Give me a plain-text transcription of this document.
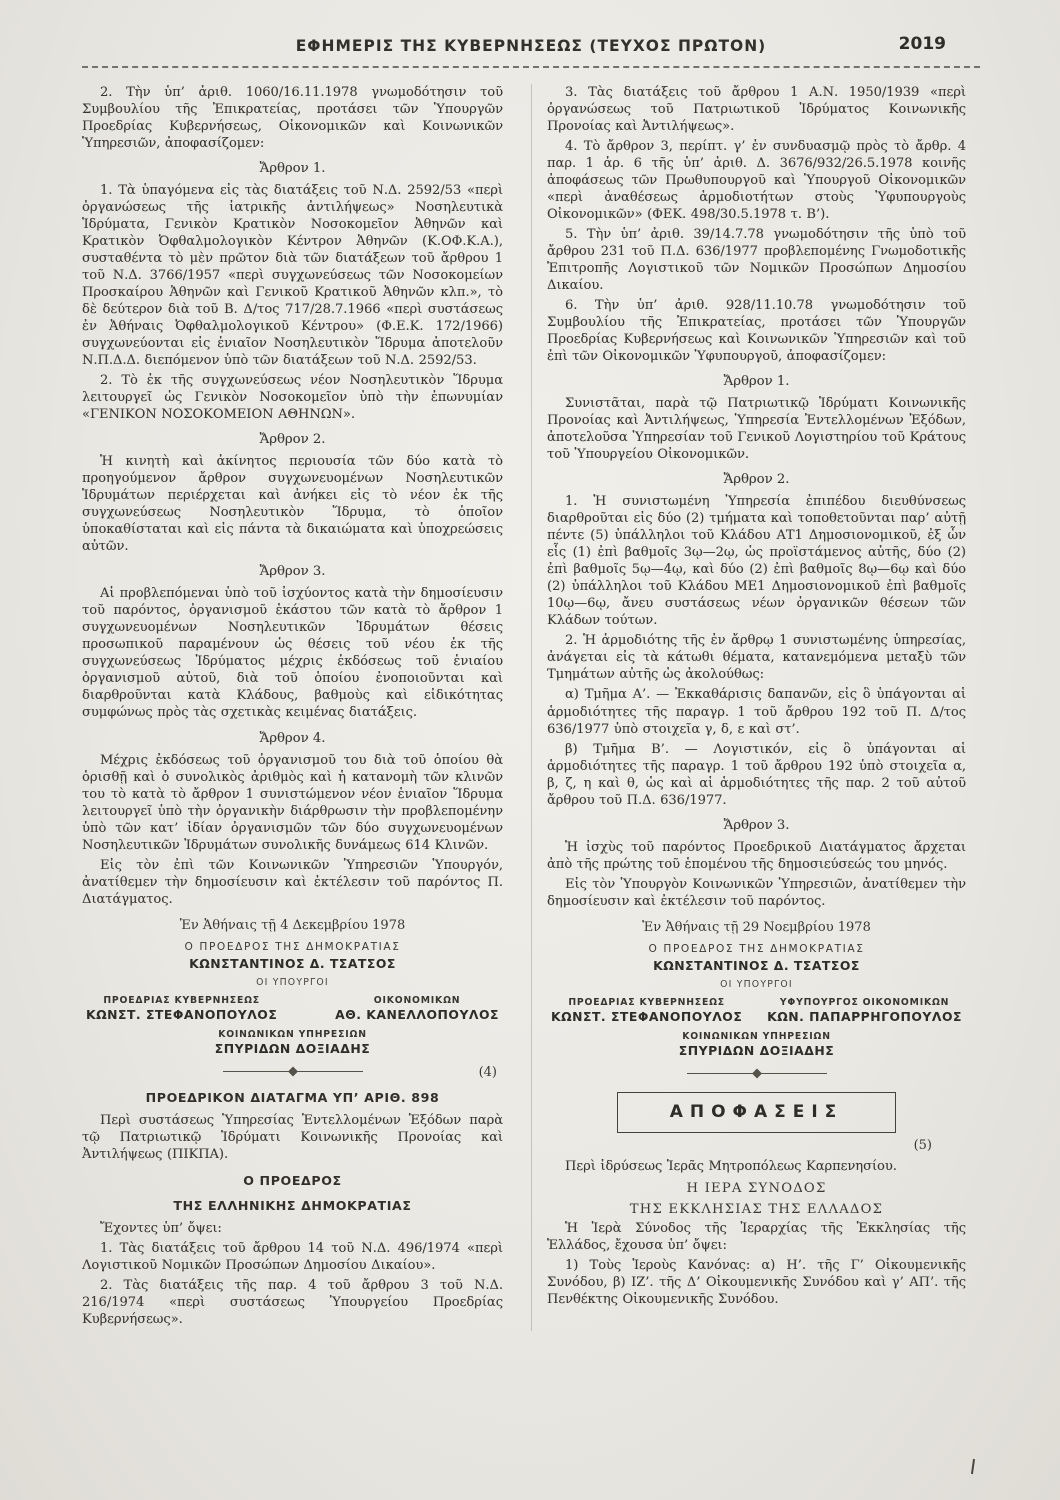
ΕΦΗΜΕΡΙΣ ΤΗΣ ΚΥΒΕΡΝΗΣΕΩΣ (ΤΕΥΧΟΣ ΠΡΩΤΟΝ)	2019

2. Τὴν ὑπ’ ἀριθ. 1060/16.11.1978 γνωμοδότησιν τοῦ Συμβουλίου τῆς Ἐπικρατείας, προτάσει τῶν Ὑπουργῶν Προεδρίας Κυβερνήσεως, Οἰκονομικῶν καὶ Κοινωνικῶν Ὑπηρεσιῶν, ἀποφασίζομεν:

Ἄρθρον 1.

1. Τὰ ὑπαγόμενα εἰς τὰς διατάξεις τοῦ Ν.Δ. 2592/53 «περὶ ὀργανώσεως τῆς ἰατρικῆς ἀντιλήψεως» Νοσηλευτικὰ Ἱδρύματα, Γενικὸν Κρατικὸν Νοσοκομεῖον Ἀθηνῶν καὶ Κρατικὸν Ὀφθαλμολογικὸν Κέντρον Ἀθηνῶν (Κ.ΟΦ.Κ.Α.), συσταθέντα τὸ μὲν πρῶτον διὰ τῶν διατάξεων τοῦ ἄρθρου 1 τοῦ Ν.Δ. 3766/1957 «περὶ συγχωνεύσεως τῶν Νοσοκομείων Προσκαίρου Ἀθηνῶν καὶ Γενικοῦ Κρατικοῦ Ἀθηνῶν κλπ.», τὸ δὲ δεύτερον διὰ τοῦ Β. Δ/τος 717/28.7.1966 «περὶ συστάσεως ἐν Ἀθήναις Ὀφθαλμολογικοῦ Κέντρου» (Φ.Ε.Κ. 172/1966) συγχωνεύονται εἰς ἑνιαῖον Νοσηλευτικὸν Ἵδρυμα ἀποτελοῦν Ν.Π.Δ.Δ. διεπόμενον ὑπὸ τῶν διατάξεων τοῦ Ν.Δ. 2592/53.

2. Τὸ ἐκ τῆς συγχωνεύσεως νέον Νοσηλευτικὸν Ἵδρυμα λειτουργεῖ ὡς Γενικὸν Νοσοκομεῖον ὑπὸ τὴν ἐπωνυμίαν «ΓΕΝΙΚΟΝ ΝΟΣΟΚΟΜΕΙΟΝ ΑΘΗΝΩΝ».

Ἄρθρον 2.

Ἡ κινητὴ καὶ ἀκίνητος περιουσία τῶν δύο κατὰ τὸ προηγούμενον ἄρθρον συγχωνευομένων Νοσηλευτικῶν Ἱδρυμάτων περιέρχεται καὶ ἀνήκει εἰς τὸ νέον ἐκ τῆς συγχωνεύσεως Νοσηλευτικὸν Ἵδρυμα, τὸ ὁποῖον ὑποκαθίσταται καὶ εἰς πάντα τὰ δικαιώματα καὶ ὑποχρεώσεις αὐτῶν.

Ἄρθρον 3.

Αἱ προβλεπόμεναι ὑπὸ τοῦ ἰσχύοντος κατὰ τὴν δημοσίευσιν τοῦ παρόντος, ὀργανισμοῦ ἑκάστου τῶν κατὰ τὸ ἄρθρον 1 συγχωνευομένων Νοσηλευτικῶν Ἱδρυμάτων θέσεις προσωπικοῦ παραμένουν ὡς θέσεις τοῦ νέου ἐκ τῆς συγχωνεύσεως Ἱδρύματος μέχρις ἐκδόσεως τοῦ ἑνιαίου ὀργανισμοῦ αὐτοῦ, διὰ τοῦ ὁποίου ἐνοποιοῦνται καὶ διαρθροῦνται κατὰ Κλάδους, βαθμοὺς καὶ εἰδικότητας συμφώνως πρὸς τὰς σχετικὰς κειμένας διατάξεις.

Ἄρθρον 4.

Μέχρις ἐκδόσεως τοῦ ὀργανισμοῦ του διὰ τοῦ ὁποίου θὰ ὁρισθῇ καὶ ὁ συνολικὸς ἀριθμὸς καὶ ἡ κατανομὴ τῶν κλινῶν του τὸ κατὰ τὸ ἄρθρον 1 συνιστώμενον νέον ἑνιαῖον Ἵδρυμα λειτουργεῖ ὑπὸ τὴν ὀργανικὴν διάρθρωσιν τὴν προβλεπομένην ὑπὸ τῶν κατ’ ἰδίαν ὀργανισμῶν τῶν δύο συγχωνευομένων Νοσηλευτικῶν Ἱδρυμάτων συνολικῆς δυνάμεως 614 Κλινῶν.

Εἰς τὸν ἐπὶ τῶν Κοινωνικῶν Ὑπηρεσιῶν Ὑπουργόν, ἀνατίθεμεν τὴν δημοσίευσιν καὶ ἐκτέλεσιν τοῦ παρόντος Π. Διατάγματος.

Ἐν Ἀθήναις τῇ 4 Δεκεμβρίου 1978
Ο ΠΡΟΕΔΡΟΣ ΤΗΣ ΔΗΜΟΚΡΑΤΙΑΣ
ΚΩΝΣΤΑΝΤΙΝΟΣ Δ. ΤΣΑΤΣΟΣ
ΟΙ ΥΠΟΥΡΓΟΙ
ΠΡΟΕΔΡΙΑΣ ΚΥΒΕΡΝΗΣΕΩΣ
ΚΩΝΣΤ. ΣΤΕΦΑΝΟΠΟΥΛΟΣ
ΟΙΚΟΝΟΜΙΚΩΝ
ΑΘ. ΚΑΝΕΛΛΟΠΟΥΛΟΣ
ΚΟΙΝΩΝΙΚΩΝ ΥΠΗΡΕΣΙΩΝ
ΣΠΥΡΙΔΩΝ ΔΟΞΙΑΔΗΣ
(4)
ΠΡΟΕΔΡΙΚΟΝ ΔΙΑΤΑΓΜΑ ΥΠ’ ΑΡΙΘ. 898

Περὶ συστάσεως Ὑπηρεσίας Ἐντελλομένων Ἐξόδων παρὰ τῷ Πατριωτικῷ Ἱδρύματι Κοινωνικῆς Προνοίας καὶ Ἀντιλήψεως (ΠΙΚΠΑ).

Ο ΠΡΟΕΔΡΟΣ
ΤΗΣ ΕΛΛΗΝΙΚΗΣ ΔΗΜΟΚΡΑΤΙΑΣ

Ἔχοντες ὑπ’ ὄψει:

1. Τὰς διατάξεις τοῦ ἄρθρου 14 τοῦ Ν.Δ. 496/1974 «περὶ Λογιστικοῦ Νομικῶν Προσώπων Δημοσίου Δικαίου».

2. Τὰς διατάξεις τῆς παρ. 4 τοῦ ἄρθρου 3 τοῦ Ν.Δ. 216/1974 «περὶ συστάσεως Ὑπουργείου Προεδρίας Κυβερνήσεως».

3. Τὰς διατάξεις τοῦ ἄρθρου 1 Α.Ν. 1950/1939 «περὶ ὀργανώσεως τοῦ Πατριωτικοῦ Ἱδρύματος Κοινωνικῆς Προνοίας καὶ Ἀντιλήψεως».

4. Τὸ ἄρθρον 3, περίπτ. γ’ ἐν συνδυασμῷ πρὸς τὸ ἄρθρ. 4 παρ. 1 ἀρ. 6 τῆς ὑπ’ ἀριθ. Δ. 3676/932/26.5.1978 κοινῆς ἀποφάσεως τῶν Πρωθυπουργοῦ καὶ Ὑπουργοῦ Οἰκονομικῶν «περὶ ἀναθέσεως ἁρμοδιοτήτων στοὺς Ὑφυπουργοὺς Οἰκονομικῶν» (ΦΕΚ. 498/30.5.1978 τ. Β’).

5. Τὴν ὑπ’ ἀριθ. 39/14.7.78 γνωμοδότησιν τῆς ὑπὸ τοῦ ἄρθρου 231 τοῦ Π.Δ. 636/1977 προβλεπομένης Γνωμοδοτικῆς Ἐπιτροπῆς Λογιστικοῦ τῶν Νομικῶν Προσώπων Δημοσίου Δικαίου.

6. Τὴν ὑπ’ ἀριθ. 928/11.10.78 γνωμοδότησιν τοῦ Συμβουλίου τῆς Ἐπικρατείας, προτάσει τῶν Ὑπουργῶν Προεδρίας Κυβερνήσεως καὶ Κοινωνικῶν Ὑπηρεσιῶν καὶ τοῦ ἐπὶ τῶν Οἰκονομικῶν Ὑφυπουργοῦ, ἀποφασίζομεν:

Ἄρθρον 1.

Συνιστᾶται, παρὰ τῷ Πατριωτικῷ Ἱδρύματι Κοινωνικῆς Προνοίας καὶ Ἀντιλήψεως, Ὑπηρεσία Ἐντελλομένων Ἐξόδων, ἀποτελοῦσα Ὑπηρεσίαν τοῦ Γενικοῦ Λογιστηρίου τοῦ Κράτους τοῦ Ὑπουργείου Οἰκονομικῶν.

Ἄρθρον 2.

1. Ἡ συνιστωμένη Ὑπηρεσία ἐπιπέδου διευθύνσεως διαρθροῦται εἰς δύο (2) τμήματα καὶ τοποθετοῦνται παρ’ αὐτῇ πέντε (5) ὑπάλληλοι τοῦ Κλάδου ΑΤ1 Δημοσιονομικοῦ, ἐξ ὧν εἷς (1) ἐπὶ βαθμοῖς 3ῳ—2ῳ, ὡς προϊστάμενος αὐτῆς, δύο (2) ἐπὶ βαθμοῖς 5ῳ—4ῳ, καὶ δύο (2) ἐπὶ βαθμοῖς 8ῳ—6ῳ καὶ δύο (2) ὑπάλληλοι τοῦ Κλάδου ΜΕ1 Δημοσιονομικοῦ ἐπὶ βαθμοῖς 10ῳ—6ῳ, ἄνευ συστάσεως νέων ὀργανικῶν θέσεων τῶν Κλάδων τούτων.

2. Ἡ ἁρμοδιότης τῆς ἐν ἄρθρῳ 1 συνιστωμένης ὑπηρεσίας, ἀνάγεται εἰς τὰ κάτωθι θέματα, κατανεμόμενα μεταξὺ τῶν Τμημάτων αὐτῆς ὡς ἀκολούθως:

α) Τμῆμα Α’. — Ἐκκαθάρισις δαπανῶν, εἰς ὃ ὑπάγονται αἱ ἁρμοδιότητες τῆς παραγρ. 1 τοῦ ἄρθρου 192 τοῦ Π. Δ/τος 636/1977 ὑπὸ στοιχεῖα γ, δ, ε καὶ στ’.

β) Τμῆμα Β’. — Λογιστικόν, εἰς ὃ ὑπάγονται αἱ ἁρμοδιότητες τῆς παραγρ. 1 τοῦ ἄρθρου 192 ὑπὸ στοιχεῖα α, β, ζ, η καὶ θ, ὡς καὶ αἱ ἁρμοδιότητες τῆς παρ. 2 τοῦ αὐτοῦ ἄρθρου τοῦ Π.Δ. 636/1977.

Ἄρθρον 3.

Ἡ ἰσχὺς τοῦ παρόντος Προεδρικοῦ Διατάγματος ἄρχεται ἀπὸ τῆς πρώτης τοῦ ἑπομένου τῆς δημοσιεύσεώς του μηνός.

Εἰς τὸν Ὑπουργὸν Κοινωνικῶν Ὑπηρεσιῶν, ἀνατίθεμεν τὴν δημοσίευσιν καὶ ἐκτέλεσιν τοῦ παρόντος.

Ἐν Ἀθήναις τῇ 29 Νοεμβρίου 1978
Ο ΠΡΟΕΔΡΟΣ ΤΗΣ ΔΗΜΟΚΡΑΤΙΑΣ
ΚΩΝΣΤΑΝΤΙΝΟΣ Δ. ΤΣΑΤΣΟΣ
ΟΙ ΥΠΟΥΡΓΟΙ
ΠΡΟΕΔΡΙΑΣ ΚΥΒΕΡΝΗΣΕΩΣ
ΚΩΝΣΤ. ΣΤΕΦΑΝΟΠΟΥΛΟΣ
ΥΦΥΠΟΥΡΓΟΣ ΟΙΚΟΝΟΜΙΚΩΝ
ΚΩΝ. ΠΑΠΑΡΡΗΓΟΠΟΥΛΟΣ
ΚΟΙΝΩΝΙΚΩΝ ΥΠΗΡΕΣΙΩΝ
ΣΠΥΡΙΔΩΝ ΔΟΞΙΑΔΗΣ
ΑΠΟΦΑΣΕΙΣ
(5)

Περὶ ἱδρύσεως Ἱερᾶς Μητροπόλεως Καρπενησίου.

Η ΙΕΡΑ ΣΥΝΟΔΟΣ
ΤΗΣ ΕΚΚΛΗΣΙΑΣ ΤΗΣ ΕΛΛΑΔΟΣ

Ἡ Ἱερὰ Σύνοδος τῆς Ἱεραρχίας τῆς Ἐκκλησίας τῆς Ἑλλάδος, ἔχουσα ὑπ’ ὄψει:

1) Τοὺς Ἱεροὺς Κανόνας: α) Η’. τῆς Γ’ Οἰκουμενικῆς Συνόδου, β) ΙΖ’. τῆς Δ’ Οἰκουμενικῆς Συνόδου καὶ γ’ ΑΠ’. τῆς Πενθέκτης Οἰκουμενικῆς Συνόδου.
